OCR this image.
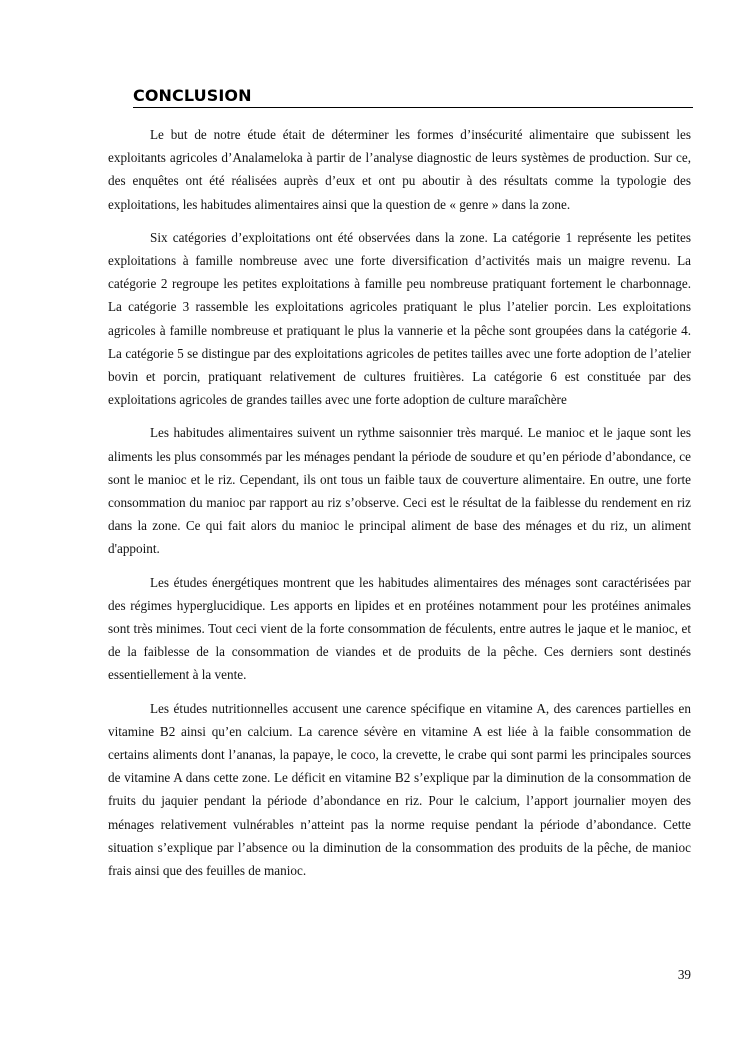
CONCLUSION

Le but de notre étude était de déterminer les formes d’insécurité alimentaire que subissent les exploitants agricoles d’Analameloka à partir de l’analyse diagnostic de leurs systèmes de production. Sur ce, des enquêtes ont été réalisées auprès d’eux et ont pu aboutir à des résultats comme la typologie des exploitations, les habitudes alimentaires ainsi que la question de « genre » dans la zone.

Six catégories d’exploitations ont été observées dans la zone. La catégorie 1 représente les petites exploitations à famille nombreuse avec une forte diversification d’activités mais un maigre revenu. La catégorie 2 regroupe les petites exploitations à famille peu nombreuse pratiquant fortement le charbonnage. La catégorie 3 rassemble les exploitations agricoles pratiquant le plus l’atelier porcin. Les exploitations agricoles à famille nombreuse et pratiquant le plus la vannerie et la pêche sont groupées dans la catégorie 4. La catégorie 5 se distingue par des exploitations agricoles de petites tailles avec une forte adoption de l’atelier bovin et porcin, pratiquant relativement de cultures fruitières. La catégorie 6 est constituée par des exploitations agricoles de grandes tailles avec une forte adoption de culture maraîchère

Les habitudes alimentaires suivent un rythme saisonnier très marqué. Le manioc et le jaque sont les aliments les plus consommés par les ménages pendant la période de soudure et qu’en période d’abondance, ce sont le manioc et le riz. Cependant, ils ont tous un faible taux de couverture alimentaire. En outre, une forte consommation du manioc par rapport au riz s’observe. Ceci est le résultat de la faiblesse du rendement en riz dans la zone. Ce qui fait alors du manioc le principal aliment de base des ménages et du riz, un aliment d'appoint.

Les études énergétiques montrent que les habitudes alimentaires des ménages sont caractérisées par des régimes hyperglucidique. Les apports en lipides et en protéines notamment pour les protéines animales sont très minimes. Tout ceci vient de la forte consommation de féculents, entre autres le jaque et le manioc, et de la faiblesse de la consommation de viandes et de produits de la pêche. Ces derniers sont destinés essentiellement à la vente.

Les études nutritionnelles accusent une carence spécifique en vitamine A, des carences partielles en vitamine B2 ainsi qu’en calcium. La carence sévère en vitamine A est liée à la faible consommation de certains aliments dont l’ananas, la papaye, le coco, la crevette, le crabe qui sont parmi les principales sources de vitamine A dans cette zone. Le déficit en vitamine B2 s’explique par la diminution de la consommation de fruits du jaquier pendant la période d’abondance en riz. Pour le calcium, l’apport journalier moyen des ménages relativement vulnérables n’atteint pas la norme requise pendant la période d’abondance. Cette situation s’explique par l’absence ou la diminution de la consommation des produits de la pêche, de manioc frais ainsi que des feuilles de manioc.

39
